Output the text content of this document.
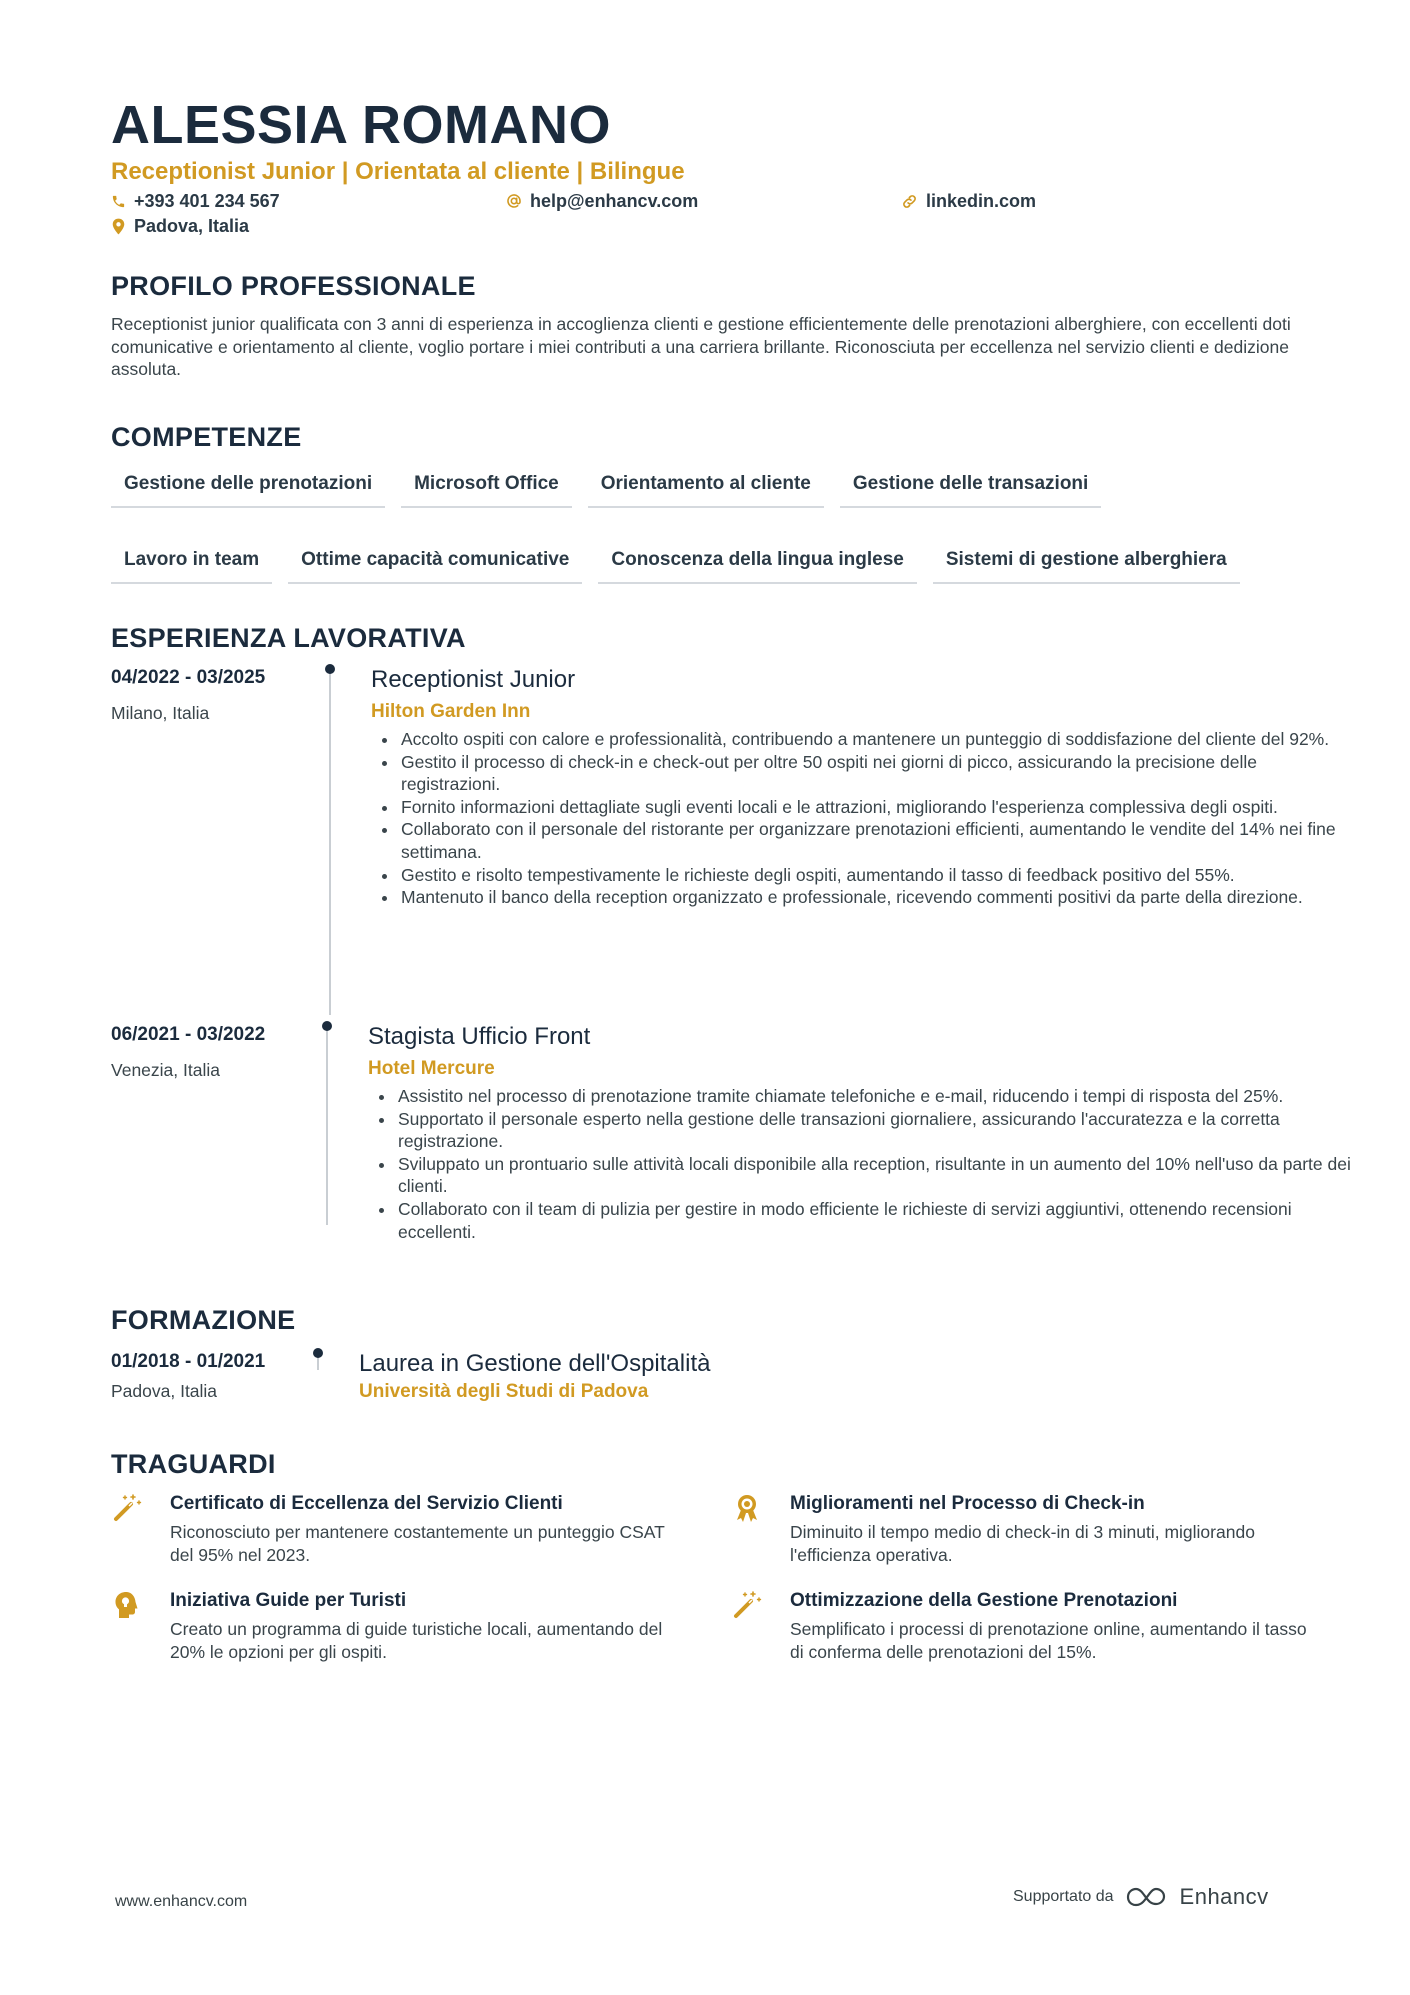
ALESSIA ROMANO
Receptionist Junior | Orientata al cliente | Bilingue
+393 401 234 567	help@enhancv.com	linkedin.com
Padova, Italia
PROFILO PROFESSIONALE
Receptionist junior qualificata con 3 anni di esperienza in accoglienza clienti e gestione efficientemente delle prenotazioni alberghiere, con eccellenti doti comunicative e orientamento al cliente, voglio portare i miei contributi a una carriera brillante. Riconosciuta per eccellenza nel servizio clienti e dedizione assoluta.
COMPETENZE
Gestione delle prenotazioni	Microsoft Office	Orientamento al cliente	Gestione delle transazioni
Lavoro in team	Ottime capacità comunicative	Conoscenza della lingua inglese	Sistemi di gestione alberghiera
ESPERIENZA LAVORATIVA
04/2022 - 03/2025
Milano, Italia
Receptionist Junior
Hilton Garden Inn
• Accolto ospiti con calore e professionalità, contribuendo a mantenere un punteggio di soddisfazione del cliente del 92%.
• Gestito il processo di check-in e check-out per oltre 50 ospiti nei giorni di picco, assicurando la precisione delle registrazioni.
• Fornito informazioni dettagliate sugli eventi locali e le attrazioni, migliorando l'esperienza complessiva degli ospiti.
• Collaborato con il personale del ristorante per organizzare prenotazioni efficienti, aumentando le vendite del 14% nei fine settimana.
• Gestito e risolto tempestivamente le richieste degli ospiti, aumentando il tasso di feedback positivo del 55%.
• Mantenuto il banco della reception organizzato e professionale, ricevendo commenti positivi da parte della direzione.
06/2021 - 03/2022
Venezia, Italia
Stagista Ufficio Front
Hotel Mercure
• Assistito nel processo di prenotazione tramite chiamate telefoniche e e-mail, riducendo i tempi di risposta del 25%.
• Supportato il personale esperto nella gestione delle transazioni giornaliere, assicurando l'accuratezza e la corretta registrazione.
• Sviluppato un prontuario sulle attività locali disponibile alla reception, risultante in un aumento del 10% nell'uso da parte dei clienti.
• Collaborato con il team di pulizia per gestire in modo efficiente le richieste di servizi aggiuntivi, ottenendo recensioni eccellenti.
FORMAZIONE
01/2018 - 01/2021
Padova, Italia
Laurea in Gestione dell'Ospitalità
Università degli Studi di Padova
TRAGUARDI
Certificato di Eccellenza del Servizio Clienti
Riconosciuto per mantenere costantemente un punteggio CSAT del 95% nel 2023.
Miglioramenti nel Processo di Check-in
Diminuito il tempo medio di check-in di 3 minuti, migliorando l'efficienza operativa.
Iniziativa Guide per Turisti
Creato un programma di guide turistiche locali, aumentando del 20% le opzioni per gli ospiti.
Ottimizzazione della Gestione Prenotazioni
Semplificato i processi di prenotazione online, aumentando il tasso di conferma delle prenotazioni del 15%.
www.enhancv.com	Supportato da	Enhancv
